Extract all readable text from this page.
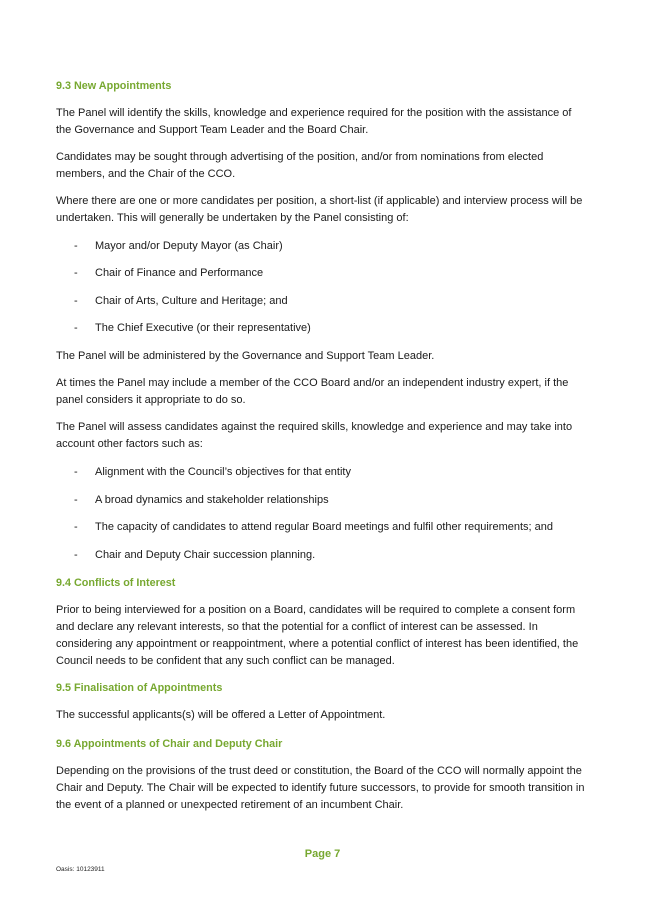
9.3 New Appointments
The Panel will identify the skills, knowledge and experience required for the position with the assistance of the Governance and Support Team Leader and the Board Chair.
Candidates may be sought through advertising of the position, and/or from nominations from elected members, and the Chair of the CCO.
Where there are one or more candidates per position, a short-list (if applicable) and interview process will be undertaken. This will generally be undertaken by the Panel consisting of:
- Mayor and/or Deputy Mayor (as Chair)
- Chair of Finance and Performance
- Chair of Arts, Culture and Heritage; and
- The Chief Executive (or their representative)
The Panel will be administered by the Governance and Support Team Leader.
At times the Panel may include a member of the CCO Board and/or an independent industry expert, if the panel considers it appropriate to do so.
The Panel will assess candidates against the required skills, knowledge and experience and may take into account other factors such as:
- Alignment with the Council’s objectives for that entity
- A broad dynamics and stakeholder relationships
- The capacity of candidates to attend regular Board meetings and fulfil other requirements; and
- Chair and Deputy Chair succession planning.
9.4 Conflicts of Interest
Prior to being interviewed for a position on a Board, candidates will be required to complete a consent form and declare any relevant interests, so that the potential for a conflict of interest can be assessed. In considering any appointment or reappointment, where a potential conflict of interest has been identified, the Council needs to be confident that any such conflict can be managed.
9.5 Finalisation of Appointments
The successful applicants(s) will be offered a Letter of Appointment.
9.6 Appointments of Chair and Deputy Chair
Depending on the provisions of the trust deed or constitution, the Board of the CCO will normally appoint the Chair and Deputy. The Chair will be expected to identify future successors, to provide for smooth transition in the event of a planned or unexpected retirement of an incumbent Chair.
Page 7
Oasis: 10123911
